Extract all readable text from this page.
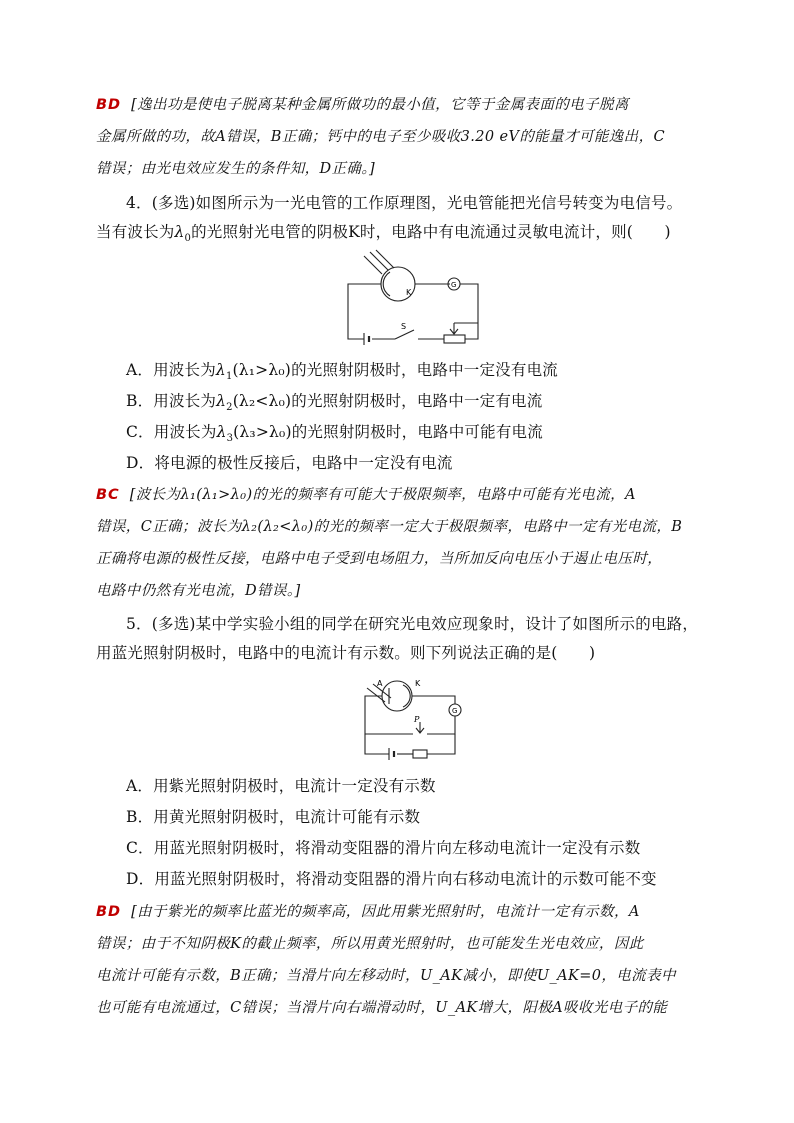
BD [逸出功是使电子脱离某种金属所做功的最小值，它等于金属表面的电子脱离
金属所做的功，故A错误，B正确；钙中的电子至少吸收3.20 eV的能量才可能逸出，C
错误；由光电效应发生的条件知，D正确。]
4．(多选)如图所示为一光电管的工作原理图，光电管能把光信号转变为电信号。
当有波长为$\lambda_0$的光照射光电管的阴极K时，电路中有电流通过灵敏电流计，则(　　)
K
G
S
A．用波长为$\lambda_1(\lambda_1>\lambda_0)$的光照射阴极时，电路中一定没有电流
B．用波长为$\lambda_2(\lambda_2<\lambda_0)$的光照射阴极时，电路中一定有电流
C．用波长为$\lambda_3(\lambda_3>\lambda_0)$的光照射阴极时，电路中可能有电流
D．将电源的极性反接后，电路中一定没有电流
BC [波长为λ₁(λ₁>λ₀)的光的频率有可能大于极限频率，电路中可能有光电流，A
错误，C正确；波长为λ₂(λ₂<λ₀)的光的频率一定大于极限频率，电路中一定有光电流，B
正确将电源的极性反接，电路中电子受到电场阻力，当所加反向电压小于遏止电压时，
电路中仍然有光电流，D错误。]
5．(多选)某中学实验小组的同学在研究光电效应现象时，设计了如图所示的电路，
用蓝光照射阴极时，电路中的电流计有示数。则下列说法正确的是(　　)
A	K
G
P
A．用紫光照射阴极时，电流计一定没有示数
B．用黄光照射阴极时，电流计可能有示数
C．用蓝光照射阴极时，将滑动变阻器的滑片向左移动电流计一定没有示数
D．用蓝光照射阴极时，将滑动变阻器的滑片向右移动电流计的示数可能不变
BD [由于紫光的频率比蓝光的频率高，因此用紫光照射时，电流计一定有示数，A
错误；由于不知阴极K的截止频率，所以用黄光照射时，也可能发生光电效应，因此
电流计可能有示数，B正确；当滑片向左移动时，U_AK减小，即使U_AK=0，电流表中
也可能有电流通过，C错误；当滑片向右端滑动时，U_AK增大，阳极A吸收光电子的能
